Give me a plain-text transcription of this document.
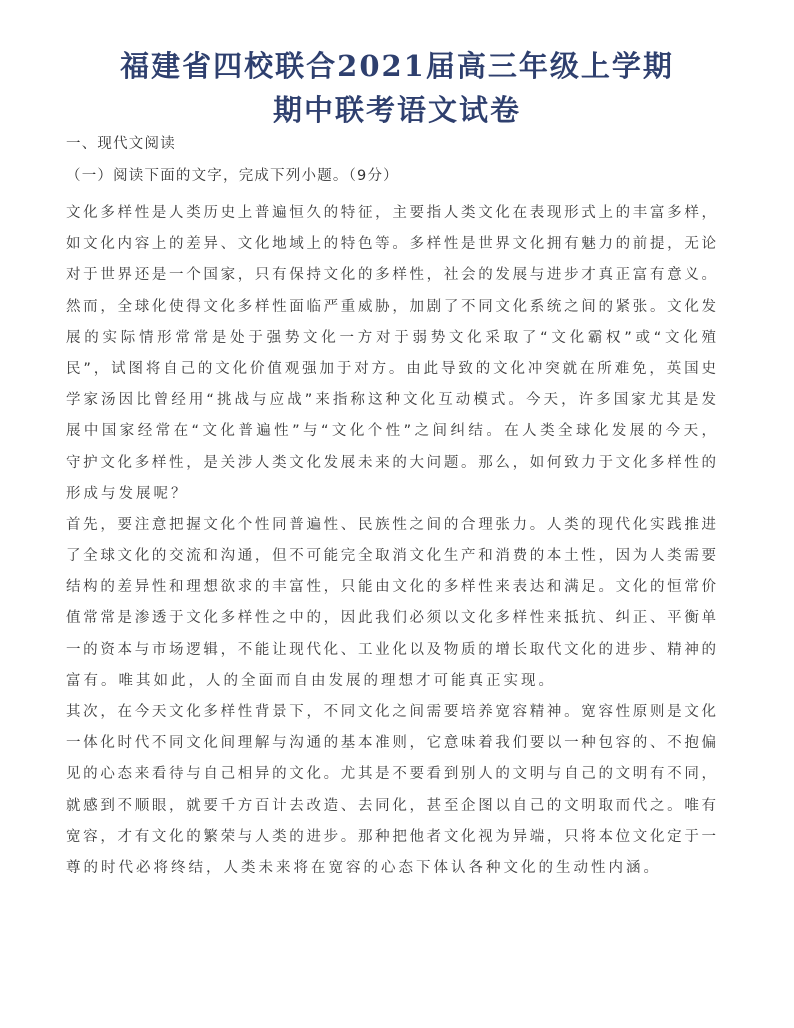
福建省四校联合2021届高三年级上学期
期中联考语文试卷
一、现代文阅读
（一）阅读下面的文字，完成下列小题。（9分）
文化多样性是人类历史上普遍恒久的特征，主要指人类文化在表现形式上的丰富多样，
如文化内容上的差异、文化地域上的特色等。多样性是世界文化拥有魅力的前提，无论
对于世界还是一个国家，只有保持文化的多样性，社会的发展与进步才真正富有意义。
然而，全球化使得文化多样性面临严重威胁，加剧了不同文化系统之间的紧张。文化发
展的实际情形常常是处于强势文化一方对于弱势文化采取了“文化霸权”或“文化殖
民”，试图将自己的文化价值观强加于对方。由此导致的文化冲突就在所难免，英国史
学家汤因比曾经用“挑战与应战”来指称这种文化互动模式。今天，许多国家尤其是发
展中国家经常在“文化普遍性”与“文化个性”之间纠结。在人类全球化发展的今天，
守护文化多样性，是关涉人类文化发展未来的大问题。那么，如何致力于文化多样性的
形成与发展呢？
首先，要注意把握文化个性同普遍性、民族性之间的合理张力。人类的现代化实践推进
了全球文化的交流和沟通，但不可能完全取消文化生产和消费的本土性，因为人类需要
结构的差异性和理想欲求的丰富性，只能由文化的多样性来表达和满足。文化的恒常价
值常常是渗透于文化多样性之中的，因此我们必须以文化多样性来抵抗、纠正、平衡单
一的资本与市场逻辑，不能让现代化、工业化以及物质的增长取代文化的进步、精神的
富有。唯其如此，人的全面而自由发展的理想才可能真正实现。
其次，在今天文化多样性背景下，不同文化之间需要培养宽容精神。宽容性原则是文化
一体化时代不同文化间理解与沟通的基本准则，它意味着我们要以一种包容的、不抱偏
见的心态来看待与自己相异的文化。尤其是不要看到别人的文明与自己的文明有不同，
就感到不顺眼，就要千方百计去改造、去同化，甚至企图以自己的文明取而代之。唯有
宽容，才有文化的繁荣与人类的进步。那种把他者文化视为异端，只将本位文化定于一
尊的时代必将终结，人类未来将在宽容的心态下体认各种文化的生动性内涵。
